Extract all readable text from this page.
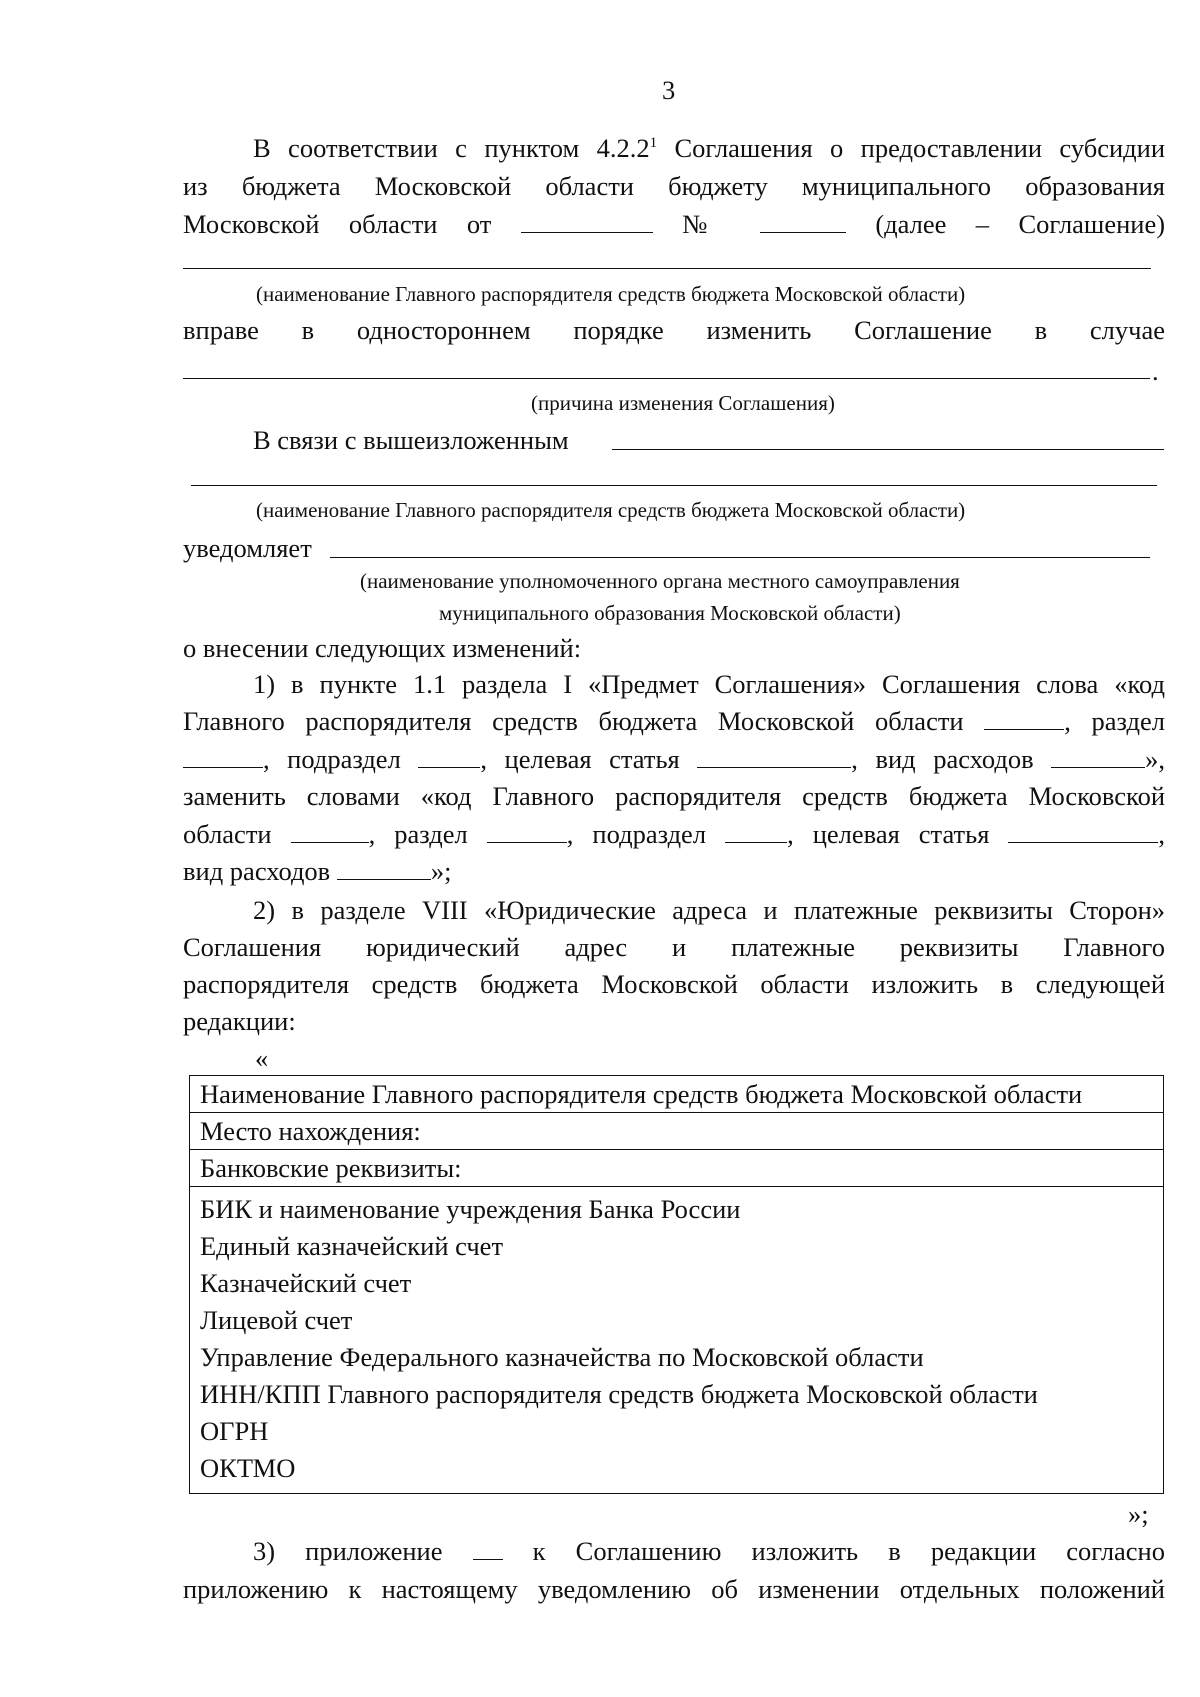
3
В соответствии с пунктом 4.2.2$^1$ Соглашения о предоставлении субсидии
из бюджета Московской области бюджету муниципального образования
Московской области от	№	(далее – Соглашение)
(наименование Главного распорядителя средств бюджета Московской области)
вправе в одностороннем порядке изменить Соглашение в случае
.
(причина изменения Соглашения)
В связи с вышеизложенным
(наименование Главного распорядителя средств бюджета Московской области)
уведомляет
(наименование уполномоченного органа местного самоуправления
муниципального образования Московской области)
о внесении следующих изменений:
1) в пункте 1.1 раздела I «Предмет Соглашения» Соглашения слова «код
Главного распорядителя средств бюджета Московской области	, раздел
, подраздел	, целевая статья	, вид расходов	»,
заменить словами «код Главного распорядителя средств бюджета Московской
области	, раздел	, подраздел	, целевая статья	,
вид расходов	»;
2) в разделе VIII «Юридические адреса и платежные реквизиты Сторон»
Соглашения юридический адрес и платежные реквизиты Главного
распорядителя средств бюджета Московской области изложить в следующей
редакции:
«
Наименование Главного распорядителя средств бюджета Московской области
Место нахождения:
Банковские реквизиты:
БИК и наименование учреждения Банка России
Единый казначейский счет
Казначейский счет
Лицевой счет
Управление Федерального казначейства по Московской области
ИНН/КПП Главного распорядителя средств бюджета Московской области
ОГРН
ОКТМО
»;
3) приложение	к Соглашению изложить в редакции согласно
приложению к настоящему уведомлению об изменении отдельных положений
